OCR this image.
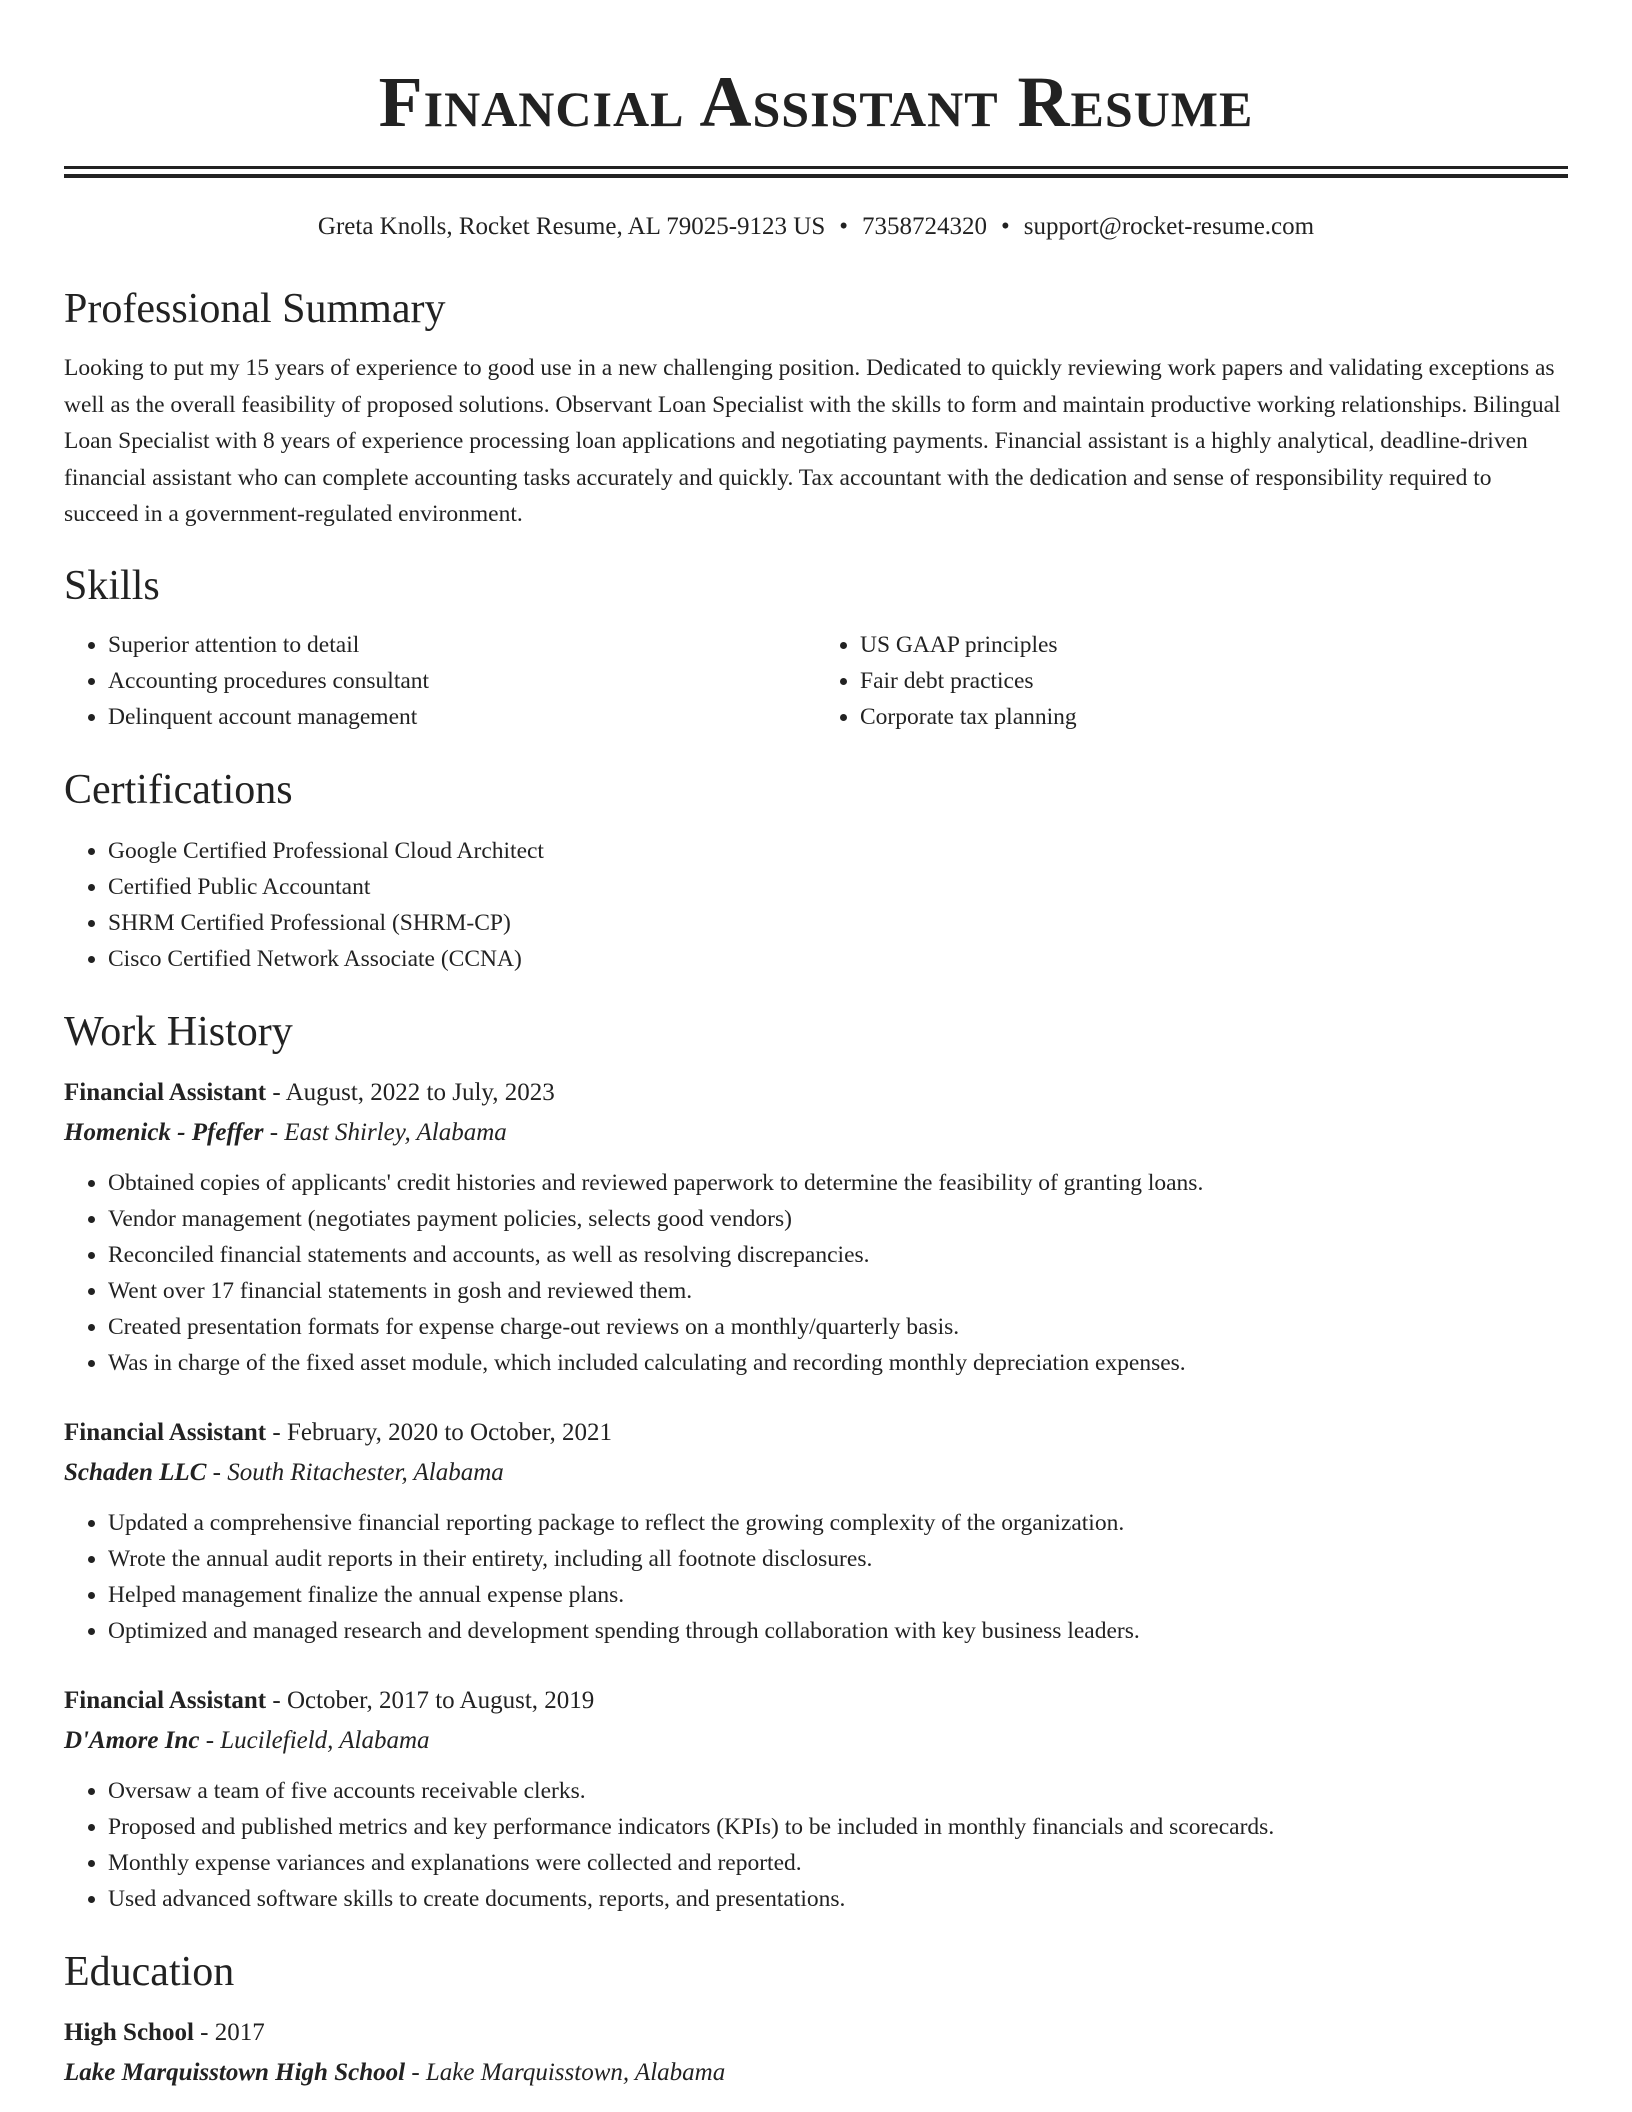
Financial Assistant Resume
Greta Knolls, Rocket Resume, AL 79025-9123 US • 7358724320 • support@rocket-resume.com
Professional Summary

Looking to put my 15 years of experience to good use in a new challenging position. Dedicated to quickly reviewing work papers and validating exceptions as well as the overall feasibility of proposed solutions. Observant Loan Specialist with the skills to form and maintain productive working relationships. Bilingual Loan Specialist with 8 years of experience processing loan applications and negotiating payments. Financial assistant is a highly analytical, deadline-driven financial assistant who can complete accounting tasks accurately and quickly. Tax accountant with the dedication and sense of responsibility required to succeed in a government-regulated environment.

Skills
• Superior attention to detail
• Accounting procedures consultant
• Delinquent account management
• US GAAP principles
• Fair debt practices
• Corporate tax planning
Certifications
• Google Certified Professional Cloud Architect
• Certified Public Accountant
• SHRM Certified Professional (SHRM-CP)
• Cisco Certified Network Associate (CCNA)
Work History
Financial Assistant - August, 2022 to July, 2023
Homenick - Pfeffer - East Shirley, Alabama
• Obtained copies of applicants' credit histories and reviewed paperwork to determine the feasibility of granting loans.
• Vendor management (negotiates payment policies, selects good vendors)
• Reconciled financial statements and accounts, as well as resolving discrepancies.
• Went over 17 financial statements in gosh and reviewed them.
• Created presentation formats for expense charge-out reviews on a monthly/quarterly basis.
• Was in charge of the fixed asset module, which included calculating and recording monthly depreciation expenses.
Financial Assistant - February, 2020 to October, 2021
Schaden LLC - South Ritachester, Alabama
• Updated a comprehensive financial reporting package to reflect the growing complexity of the organization.
• Wrote the annual audit reports in their entirety, including all footnote disclosures.
• Helped management finalize the annual expense plans.
• Optimized and managed research and development spending through collaboration with key business leaders.
Financial Assistant - October, 2017 to August, 2019
D'Amore Inc - Lucilefield, Alabama
• Oversaw a team of five accounts receivable clerks.
• Proposed and published metrics and key performance indicators (KPIs) to be included in monthly financials and scorecards.
• Monthly expense variances and explanations were collected and reported.
• Used advanced software skills to create documents, reports, and presentations.
Education
High School - 2017
Lake Marquisstown High School - Lake Marquisstown, Alabama
